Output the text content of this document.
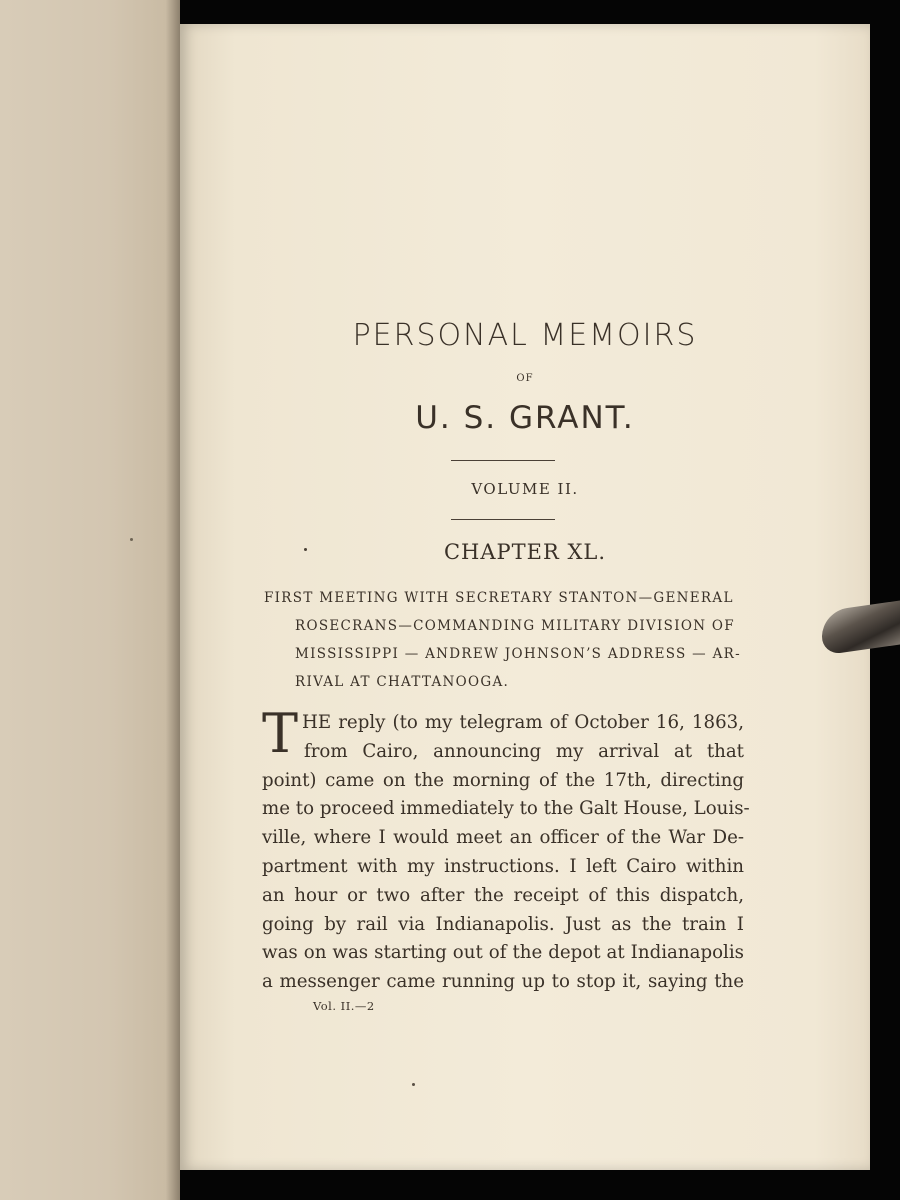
PERSONAL MEMOIRS
OF
U. S. GRANT.
VOLUME II.
CHAPTER XL.
FIRST MEETING WITH SECRETARY STANTON—GENERAL
ROSECRANS—COMMANDING MILITARY DIVISION OF
MISSISSIPPI — ANDREW JOHNSON’S ADDRESS — AR-
RIVAL AT CHATTANOOGA.
T HE reply (to my telegram of October 16, 1863,
from Cairo, announcing my arrival at that
point) came on the morning of the 17th, directing
me to proceed immediately to the Galt House, Louis-
ville, where I would meet an officer of the War De-
partment with my instructions. I left Cairo within
an hour or two after the receipt of this dispatch,
going by rail via Indianapolis. Just as the train I
was on was starting out of the depot at Indianapolis
a messenger came running up to stop it, saying the
Vol. II.—2
